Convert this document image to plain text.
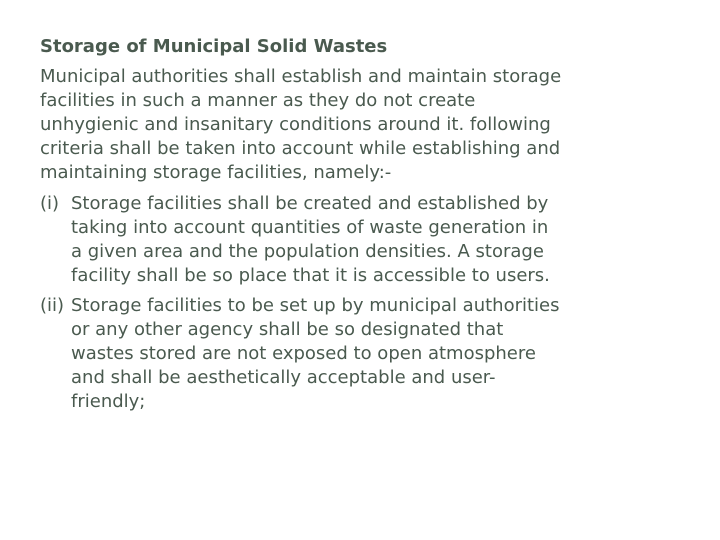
Storage of Municipal Solid Wastes
Municipal authorities shall establish and maintain storage
facilities in such a manner as they do not create
unhygienic and insanitary conditions around it. following
criteria shall be taken into account while establishing and
maintaining storage facilities, namely:-
(i) Storage facilities shall be created and established by
taking into account quantities of waste generation in
a given area and the population densities. A storage
facility shall be so place that it is accessible to users.
(ii) Storage facilities to be set up by municipal authorities
or any other agency shall be so designated that
wastes stored are not exposed to open atmosphere
and shall be aesthetically acceptable and user-
friendly;
